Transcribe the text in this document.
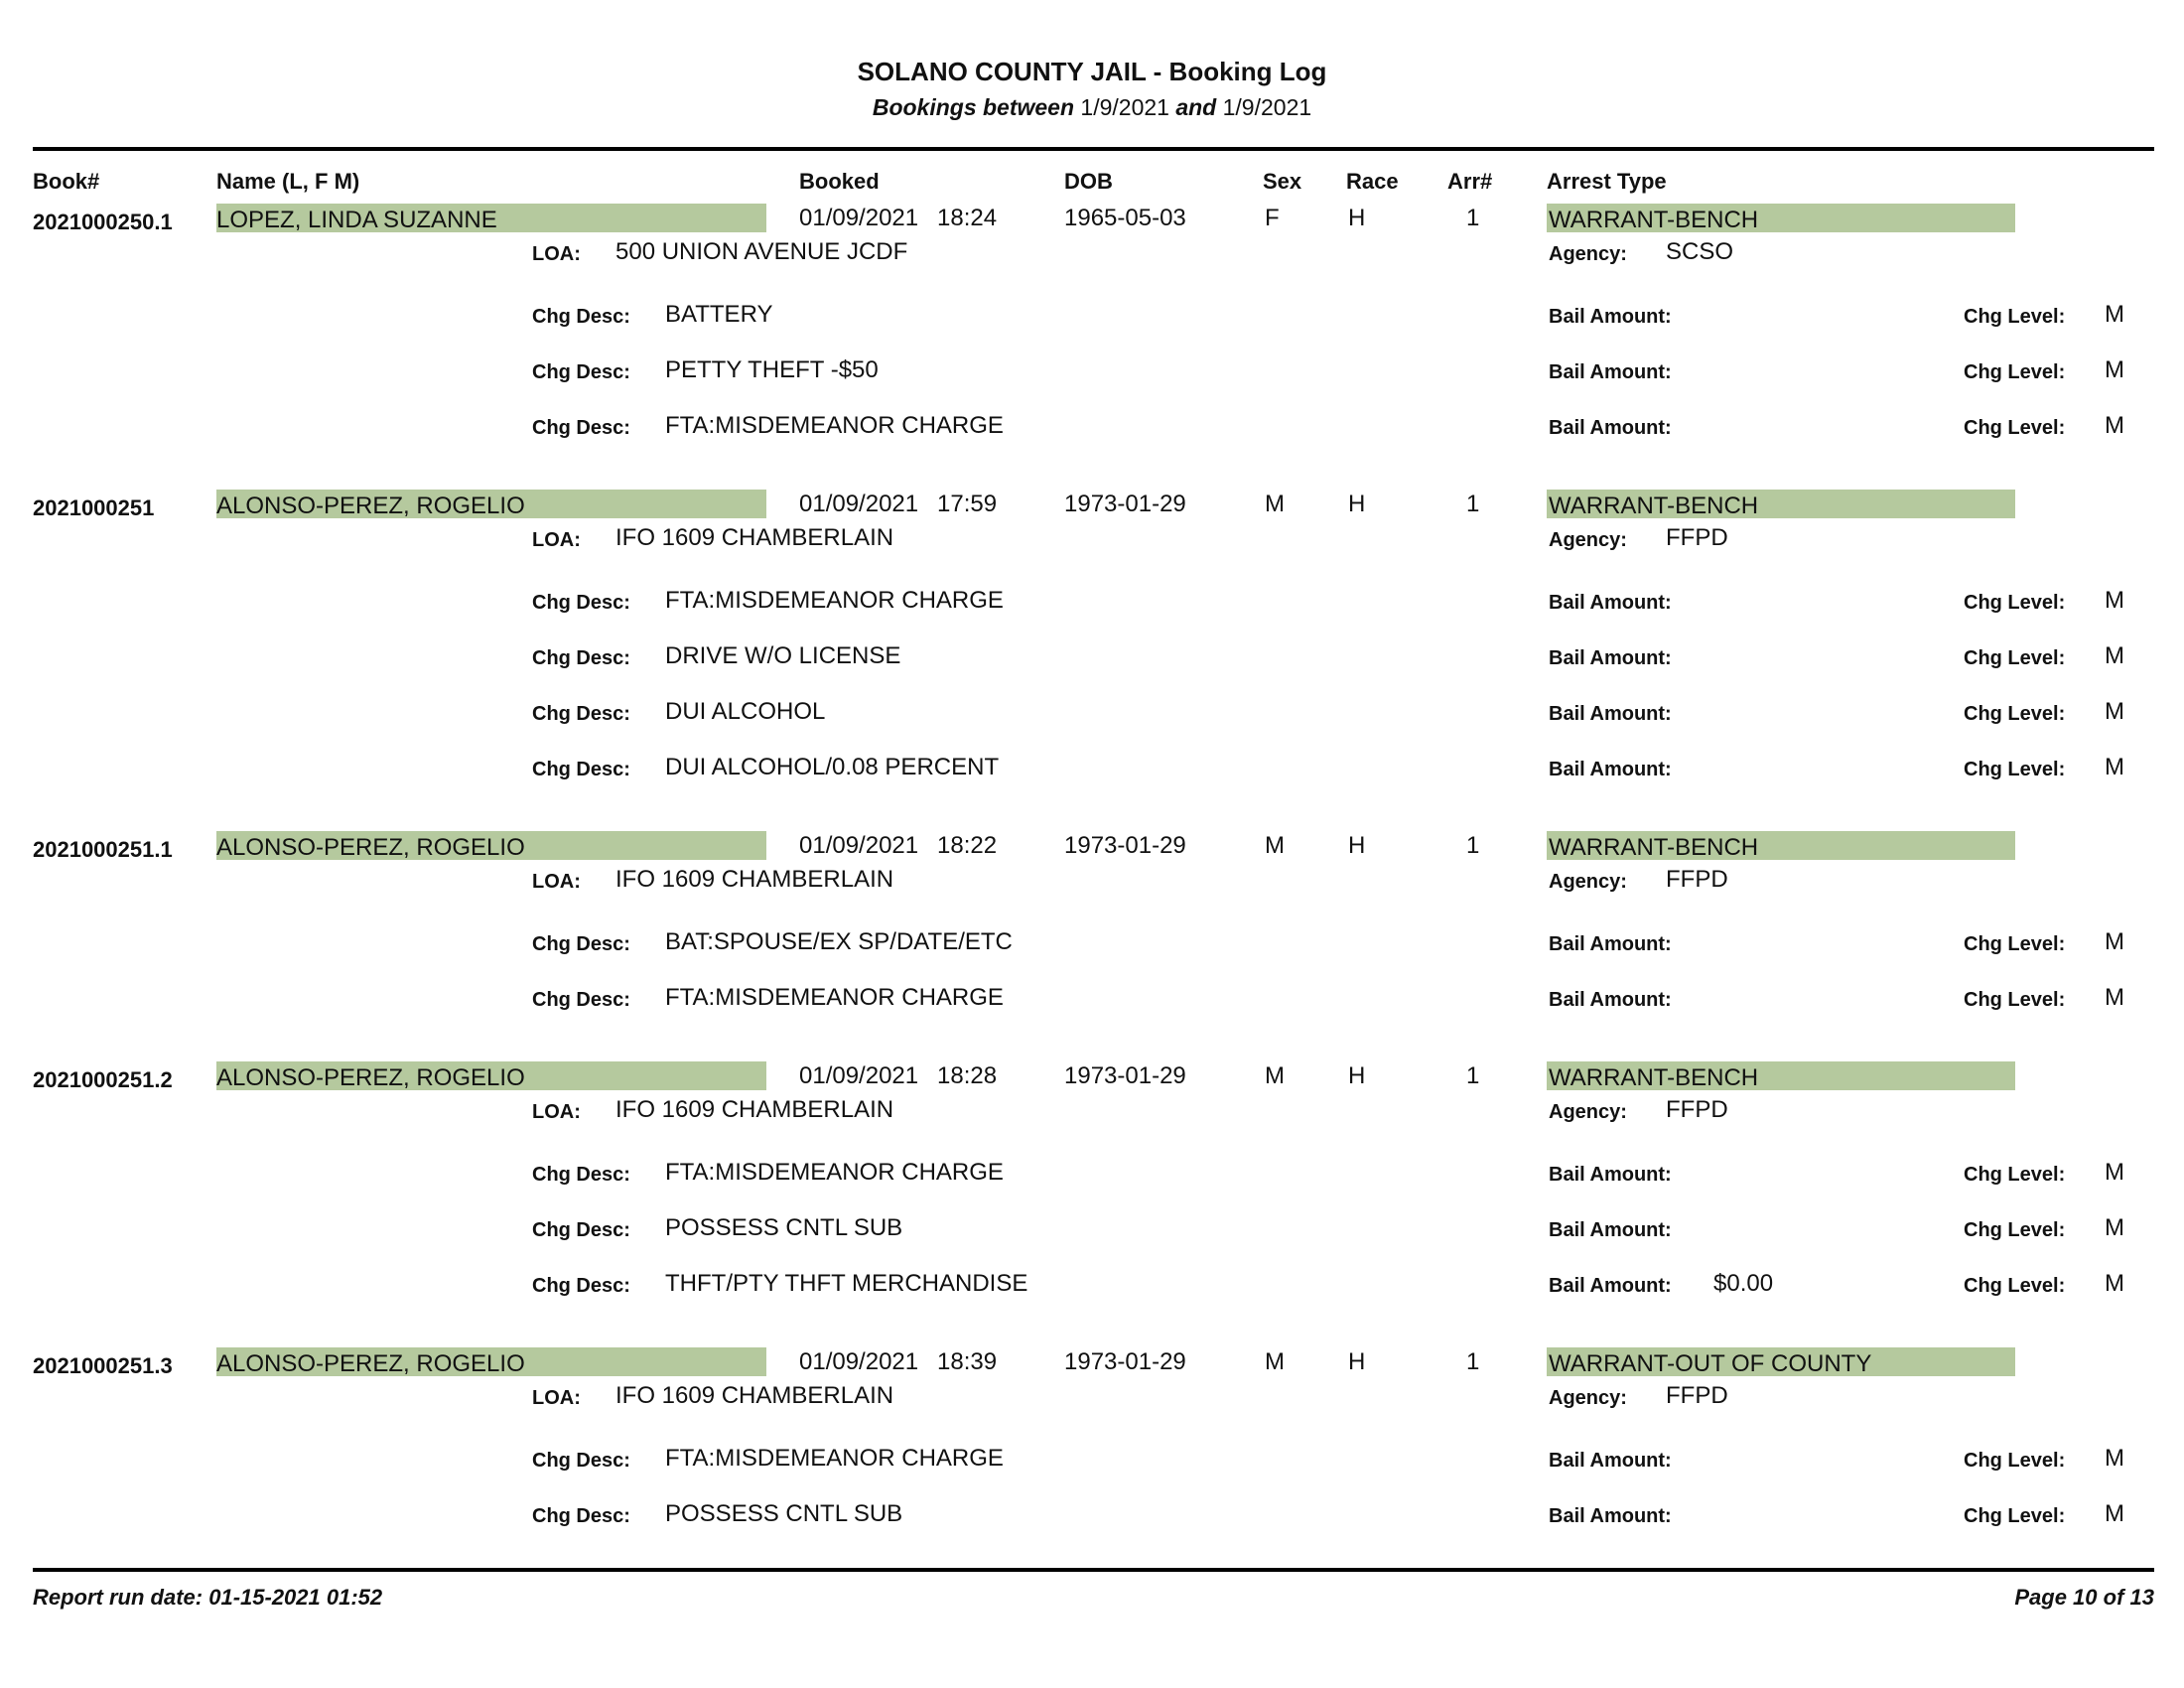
SOLANO COUNTY JAIL - Booking Log
Bookings between 1/9/2021 and 1/9/2021
Book#	Name (L, F M)	Booked	DOB	Sex Race Arr# Arrest Type
2021000250.1 LOPEZ, LINDA SUZANNE	01/09/2021 18:24	1965-05-03	F	H	1	WARRANT-BENCH
LOA: 500 UNION AVENUE JCDF	Agency: SCSO
Chg Desc: BATTERY	Bail Amount:	Chg Level: M
Chg Desc: PETTY THEFT -$50	Bail Amount:	Chg Level: M
Chg Desc: FTA:MISDEMEANOR CHARGE	Bail Amount:	Chg Level: M
2021000251	ALONSO-PEREZ, ROGELIO	01/09/2021 17:59	1973-01-29	M	H	1	WARRANT-BENCH
LOA: IFO 1609 CHAMBERLAIN	Agency: FFPD
Chg Desc: FTA:MISDEMEANOR CHARGE	Bail Amount:	Chg Level: M
Chg Desc: DRIVE W/O LICENSE	Bail Amount:	Chg Level: M
Chg Desc: DUI ALCOHOL	Bail Amount:	Chg Level: M
Chg Desc: DUI ALCOHOL/0.08 PERCENT	Bail Amount:	Chg Level: M
2021000251.1 ALONSO-PEREZ, ROGELIO	01/09/2021 18:22	1973-01-29	M	H	1	WARRANT-BENCH
LOA: IFO 1609 CHAMBERLAIN	Agency: FFPD
Chg Desc: BAT:SPOUSE/EX SP/DATE/ETC	Bail Amount:	Chg Level: M
Chg Desc: FTA:MISDEMEANOR CHARGE	Bail Amount:	Chg Level: M
2021000251.2 ALONSO-PEREZ, ROGELIO	01/09/2021 18:28	1973-01-29	M	H	1	WARRANT-BENCH
LOA: IFO 1609 CHAMBERLAIN	Agency: FFPD
Chg Desc: FTA:MISDEMEANOR CHARGE	Bail Amount:	Chg Level: M
Chg Desc: POSSESS CNTL SUB	Bail Amount:	Chg Level: M
Chg Desc: THFT/PTY THFT MERCHANDISE	Bail Amount: $0.00	Chg Level: M
2021000251.3 ALONSO-PEREZ, ROGELIO	01/09/2021 18:39	1973-01-29	M	H	1	WARRANT-OUT OF COUNTY
LOA: IFO 1609 CHAMBERLAIN	Agency: FFPD
Chg Desc: FTA:MISDEMEANOR CHARGE	Bail Amount:	Chg Level: M
Chg Desc: POSSESS CNTL SUB	Bail Amount:	Chg Level: M
Report run date: 01-15-2021 01:52	Page 10 of 13
